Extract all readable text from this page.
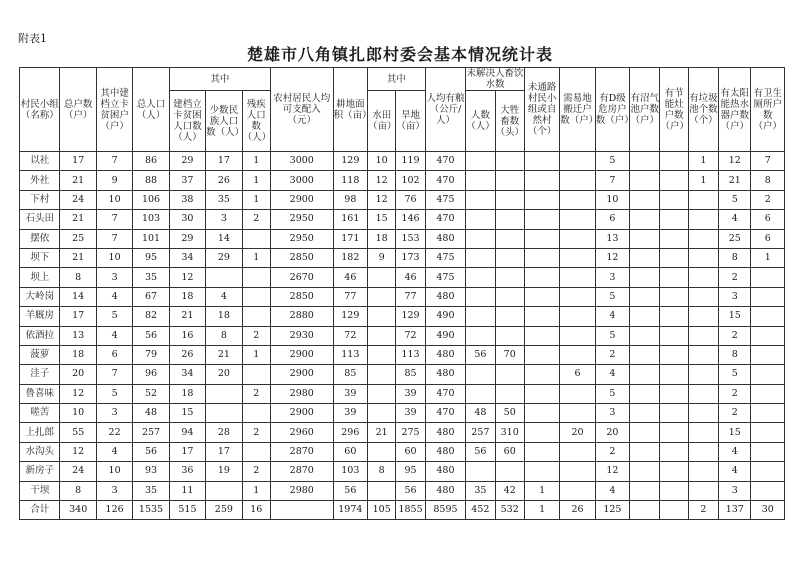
附表1
楚雄市八角镇扎郎村委会基本情况统计表
村民小组（名称）	总户数（户）	其中建档立卡贫困户（户）	总人口（人）	其中			农村居民人均可支配入（元）	耕地面积（亩）	其中		人均有粮（公斤/人）	未解决人畜饮水数		未通路村民小组或自然村（个）	需易地搬迁户数（户）	有D级危房户数（户）	有沼气池户数（户）	有节能灶户数（户）	有垃圾池个数（个）	有太阳能热水器户数（户）	有卫生厕所户数（户）
				建档立卡贫困人口数（人）	少数民族人口数（人）	残疾人口数（人）			水田（亩）	旱地（亩）		人数（人）	大牲畜数（头）								
以社	17	7	86	29	17	1	3000	129	10	119	470					5			1	12	7
外社	21	9	88	37	26	1	3000	118	12	102	470					7			1	21	8
下村	24	10	106	38	35	1	2900	98	12	76	475					10				5	2
石头田	21	7	103	30	3	2	2950	161	15	146	470					6				4	6
摆依	25	7	101	29	14		2950	171	18	153	480					13				25	6
坝下	21	10	95	34	29	1	2850	182	9	173	475					12				8	1
坝上	8	3	35	12			2670	46		46	475					3				2	
大岭岗	14	4	67	18	4		2850	77		77	480					5				3	
羊厩房	17	5	82	21	18		2880	129		129	490					4				15	
依酒拉	13	4	56	16	8	2	2930	72		72	490					5				2	
菠萝	18	6	79	26	21	1	2900	113		113	480	56	70			2				8	
洼子	20	7	96	34	20		2900	85		85	480				6	4				5	
鲁喜味	12	5	52	18		2	2980	39		39	470					5				2	
嗟苦	10	3	48	15			2900	39		39	470	48	50			3				2	
上扎郎	55	22	257	94	28	2	2960	296	21	275	480	257	310		20	20				15	
水沟头	12	4	56	17	17		2870	60		60	480	56	60			2				4	
新房子	24	10	93	36	19	2	2870	103	8	95	480					12				4	
干坝	8	3	35	11		1	2980	56		56	480	35	42	1		4				3	
合计	340	126	1535	515	259	16		1974	105	1855	8595	452	532	1	26	125			2	137	30
